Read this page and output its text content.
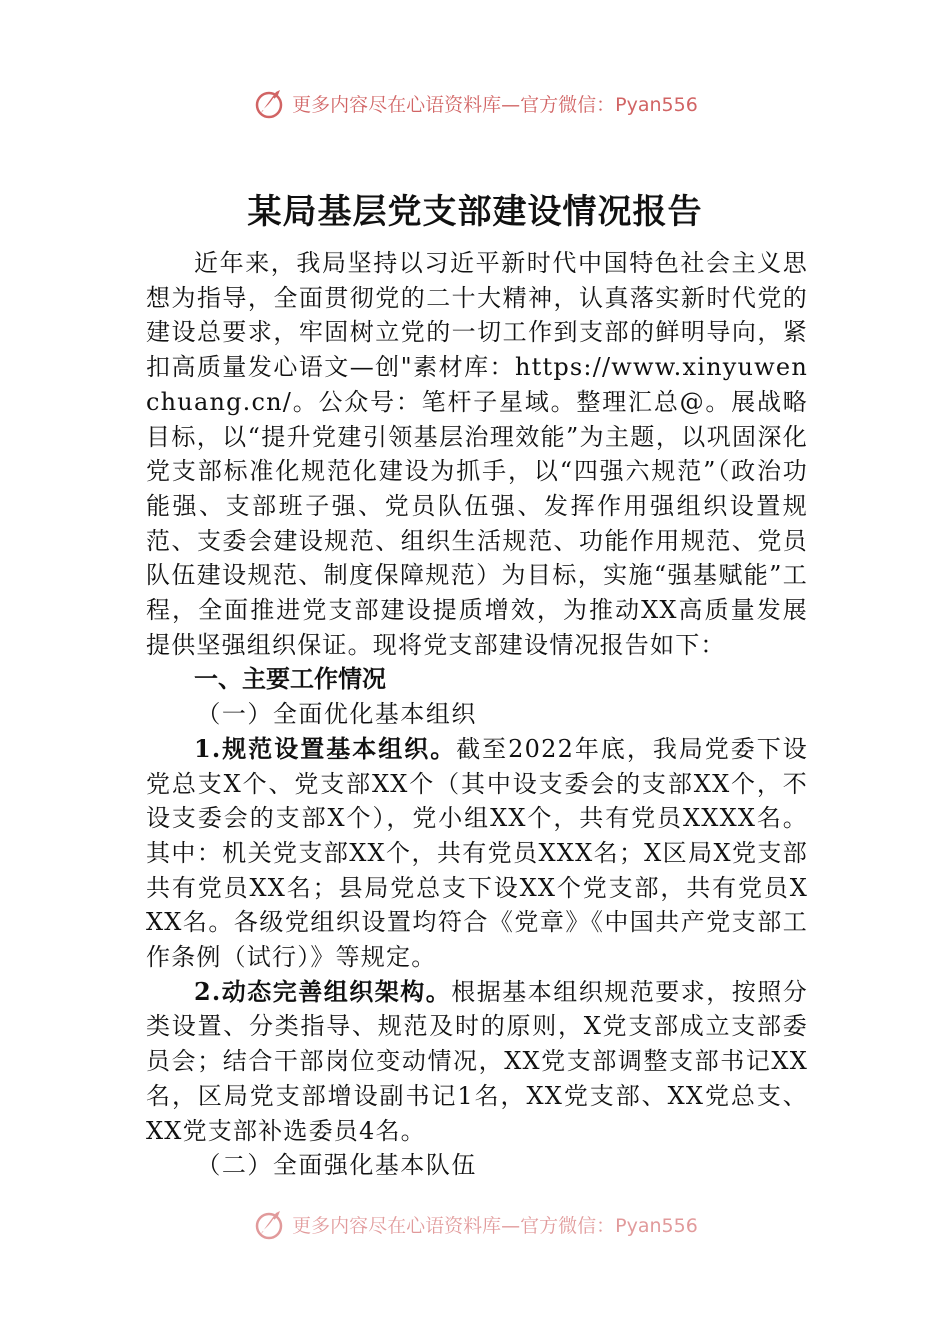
更多内容尽在心语资料库—官方微信：Pyan556
某局基层党支部建设情况报告

近年来，我局坚持以习近平新时代中国特色社会主义思想为指导，全面贯彻党的二十大精神，认真落实新时代党的建设总要求，牢固树立党的一切工作到支部的鲜明导向，紧扣高质量发心语文—创"素材库：https://www.xinyuwenchuang.cn/。公众号：笔杆子星域。整理汇总@。展战略目标，以“提升党建引领基层治理效能”为主题，以巩固深化党支部标准化规范化建设为抓手，以“四强六规范”（政治功能强、支部班子强、党员队伍强、发挥作用强组织设置规范、支委会建设规范、组织生活规范、功能作用规范、党员队伍建设规范、制度保障规范）为目标，实施“强基赋能”工程，全面推进党支部建设提质增效，为推动XX高质量发展提供坚强组织保证。现将党支部建设情况报告如下：

一、主要工作情况

（一）全面优化基本组织

1.规范设置基本组织。截至2022年底，我局党委下设党总支X个、党支部XX个（其中设支委会的支部XX个，不设支委会的支部X个），党小组XX个，共有党员XXXX名。其中：机关党支部XX个，共有党员XXX名；X区局X党支部共有党员XX名；县局党总支下设XX个党支部，共有党员XXX名。各级党组织设置均符合《党章》《中国共产党支部工作条例（试行）》等规定。

2.动态完善组织架构。根据基本组织规范要求，按照分类设置、分类指导、规范及时的原则，X党支部成立支部委员会；结合干部岗位变动情况，XX党支部调整支部书记XX名，区局党支部增设副书记1名，XX党支部、XX党总支、XX党支部补选委员4名。

（二）全面强化基本队伍

更多内容尽在心语资料库—官方微信：Pyan556
